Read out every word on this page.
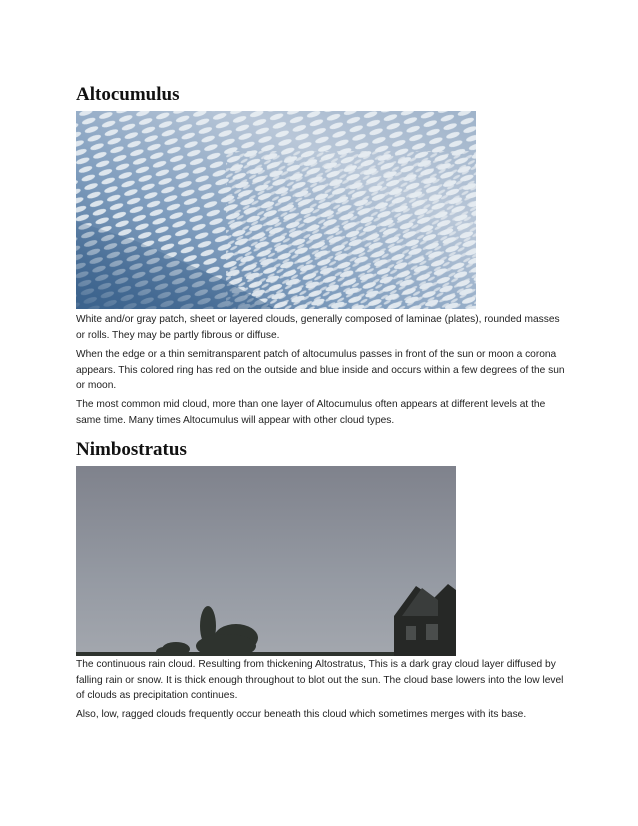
Altocumulus

White and/or gray patch, sheet or layered clouds, generally composed of laminae (plates), rounded masses or rolls. They may be partly fibrous or diffuse.

When the edge or a thin semitransparent patch of altocumulus passes in front of the sun or moon a corona appears. This colored ring has red on the outside and blue inside and occurs within a few degrees of the sun or moon.

The most common mid cloud, more than one layer of Altocumulus often appears at different levels at the same time. Many times Altocumulus will appear with other cloud types.

Nimbostratus

The continuous rain cloud. Resulting from thickening Altostratus, This is a dark gray cloud layer diffused by falling rain or snow. It is thick enough throughout to blot out the sun. The cloud base lowers into the low level of clouds as precipitation continues.

Also, low, ragged clouds frequently occur beneath this cloud which sometimes merges with its base.
